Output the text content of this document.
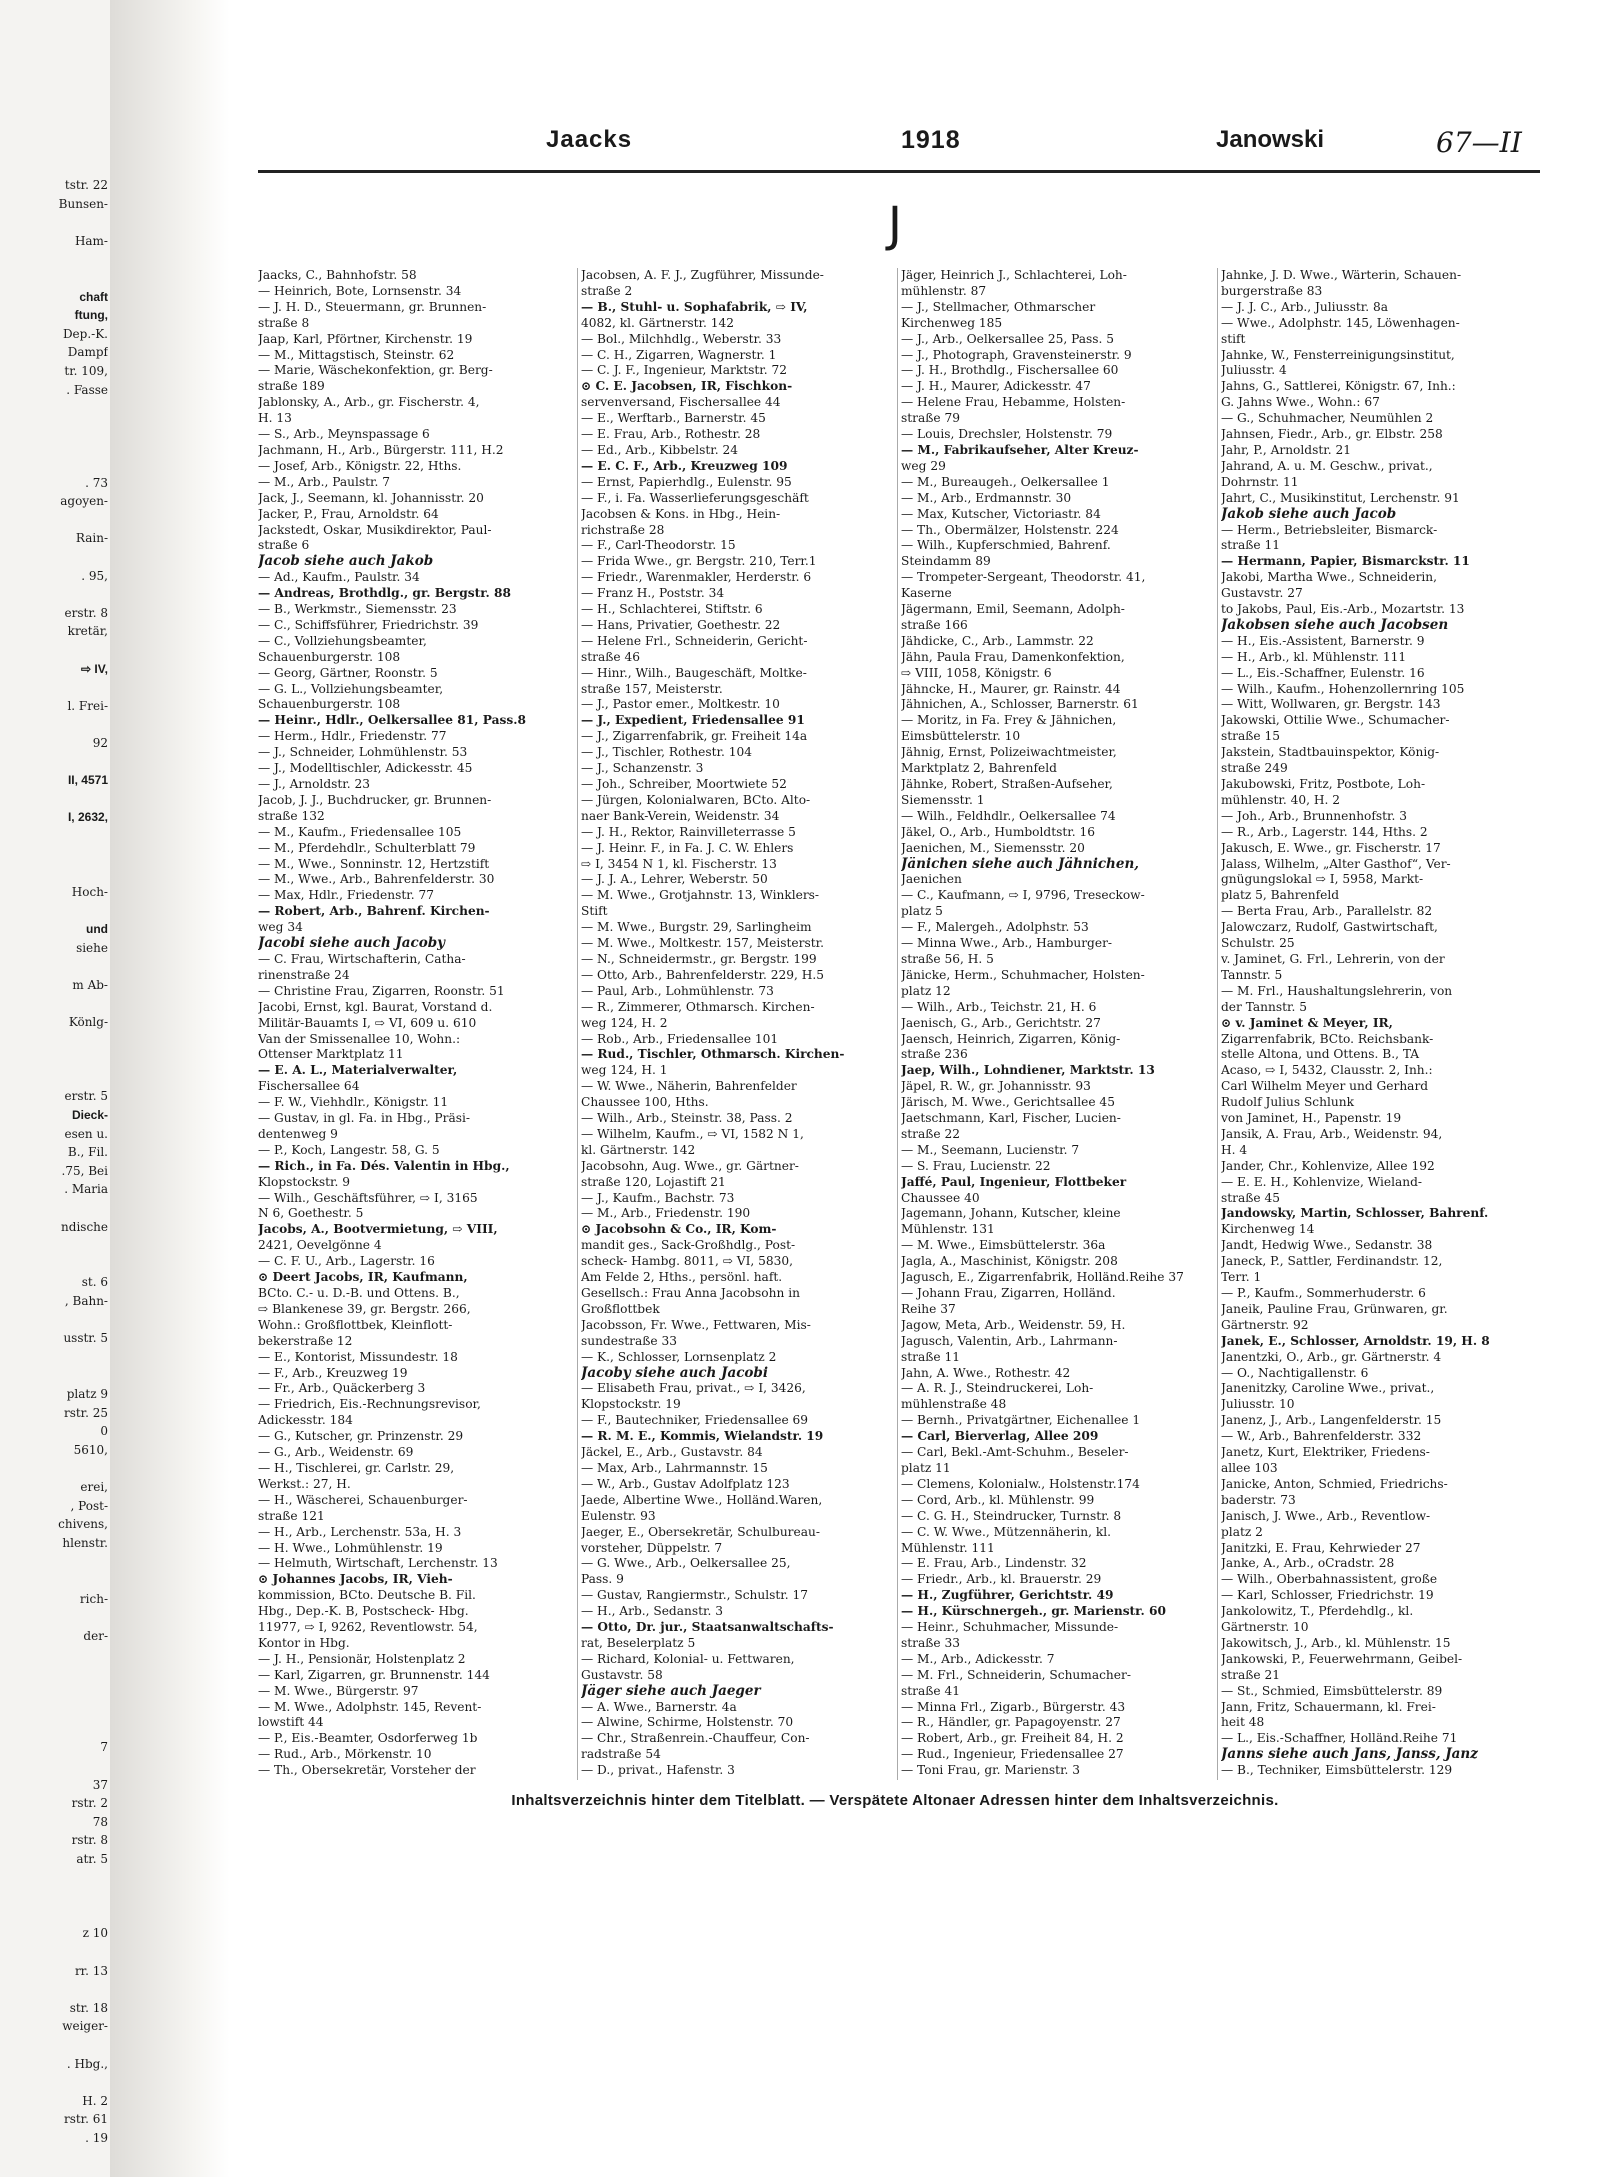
tstr. 22
Bunsen-
Ham-
chaft
ftung,
Dep.-K.
Dampf
tr. 109,
. Fasse
. 73
agoyen-
Rain-
. 95,
erstr. 8
kretär,
⇨ IV,
l. Frei-
92
II, 4571
I, 2632,
Hoch-
und
siehe
m Ab-
Könlg-
erstr. 5
Dieck-
esen u.
B., Fil.
.75, Bei
. Maria
ndische
st. 6
, Bahn-
usstr. 5
platz 9
rstr. 25
0
5610,
erei,
, Post-
chivens,
hlenstr.
rich-
der-
7
37
rstr. 2
78
rstr. 8
atr. 5
z 10
rr. 13
str. 18
weiger-
. Hbg.,
H. 2
rstr. 61
. 19
Jaacks	1918	Janowski	67—II
J
Jaacks, C., Bahnhofstr. 58
— Heinrich, Bote, Lornsenstr. 34
— J. H. D., Steuermann, gr. Brunnen-
straße 8
Jaap, Karl, Pförtner, Kirchenstr. 19
— M., Mittagstisch, Steinstr. 62
— Marie, Wäschekonfektion, gr. Berg-
straße 189
Jablonsky, A., Arb., gr. Fischerstr. 4,
H. 13
— S., Arb., Meynspassage 6
Jachmann, H., Arb., Bürgerstr. 111, H.2
— Josef, Arb., Königstr. 22, Hths.
— M., Arb., Paulstr. 7
Jack, J., Seemann, kl. Johannisstr. 20
Jacker, P., Frau, Arnoldstr. 64
Jackstedt, Oskar, Musikdirektor, Paul-
straße 6
Jacob siehe auch Jakob
— Ad., Kaufm., Paulstr. 34
— Andreas, Brothdlg., gr. Bergstr. 88
— B., Werkmstr., Siemensstr. 23
— C., Schiffsführer, Friedrichstr. 39
— C., Vollziehungsbeamter,
Schauenburgerstr. 108
— Georg, Gärtner, Roonstr. 5
— G. L., Vollziehungsbeamter,
Schauenburgerstr. 108
— Heinr., Hdlr., Oelkersallee 81, Pass.8
— Herm., Hdlr., Friedenstr. 77
— J., Schneider, Lohmühlenstr. 53
— J., Modelltischler, Adickesstr. 45
— J., Arnoldstr. 23
Jacob, J. J., Buchdrucker, gr. Brunnen-
straße 132
— M., Kaufm., Friedensallee 105
— M., Pferdehdlr., Schulterblatt 79
— M., Wwe., Sonninstr. 12, Hertzstift
— M., Wwe., Arb., Bahrenfelderstr. 30
— Max, Hdlr., Friedenstr. 77
— Robert, Arb., Bahrenf. Kirchen-
weg 34
Jacobi siehe auch Jacoby
— C. Frau, Wirtschafterin, Catha-
rinenstraße 24
— Christine Frau, Zigarren, Roonstr. 51
Jacobi, Ernst, kgl. Baurat, Vorstand d.
Militär-Bauamts I, ⇨ VI, 609 u. 610
Van der Smissenallee 10, Wohn.:
Ottenser Marktplatz 11
— E. A. L., Materialverwalter,
Fischersallee 64
— F. W., Viehhdlr., Königstr. 11
— Gustav, in gl. Fa. in Hbg., Präsi-
dentenweg 9
— P., Koch, Langestr. 58, G. 5
— Rich., in Fa. Dés. Valentin in Hbg.,
Klopstockstr. 9
— Wilh., Geschäftsführer, ⇨ I, 3165
N 6, Goethestr. 5
Jacobs, A., Bootvermietung, ⇨ VIII,
2421, Oevelgönne 4
— C. F. U., Arb., Lagerstr. 16
⊙ Deert Jacobs, IR, Kaufmann,
BCto. C.- u. D.-B. und Ottens. B.,
⇨ Blankenese 39, gr. Bergstr. 266,
Wohn.: Großflottbek, Kleinflott-
bekerstraße 12
— E., Kontorist, Missundestr. 18
— F., Arb., Kreuzweg 19
— Fr., Arb., Quäckerberg 3
— Friedrich, Eis.-Rechnungsrevisor,
Adickesstr. 184
— G., Kutscher, gr. Prinzenstr. 29
— G., Arb., Weidenstr. 69
— H., Tischlerei, gr. Carlstr. 29,
Werkst.: 27, H.
— H., Wäscherei, Schauenburger-
straße 121
— H., Arb., Lerchenstr. 53a, H. 3
— H. Wwe., Lohmühlenstr. 19
— Helmuth, Wirtschaft, Lerchenstr. 13
⊙ Johannes Jacobs, IR, Vieh-
kommission, BCto. Deutsche B. Fil.
Hbg., Dep.-K. B, Postscheck- Hbg.
11977, ⇨ I, 9262, Reventlowstr. 54,
Kontor in Hbg.
— J. H., Pensionär, Holstenplatz 2
— Karl, Zigarren, gr. Brunnenstr. 144
— M. Wwe., Bürgerstr. 97
— M. Wwe., Adolphstr. 145, Revent-
lowstift 44
— P., Eis.-Beamter, Osdorferweg 1b
— Rud., Arb., Mörkenstr. 10
— Th., Obersekretär, Vorsteher der
Jacobsen, A. F. J., Zugführer, Missunde-
straße 2
— B., Stuhl- u. Sophafabrik, ⇨ IV,
4082, kl. Gärtnerstr. 142
— Bol., Milchhdlg., Weberstr. 33
— C. H., Zigarren, Wagnerstr. 1
— C. J. F., Ingenieur, Marktstr. 72
⊙ C. E. Jacobsen, IR, Fischkon-
servenversand, Fischersallee 44
— E., Werftarb., Barnerstr. 45
— E. Frau, Arb., Rothestr. 28
— Ed., Arb., Kibbelstr. 24
— E. C. F., Arb., Kreuzweg 109
— Ernst, Papierhdlg., Eulenstr. 95
— F., i. Fa. Wasserlieferungsgeschäft
Jacobsen & Kons. in Hbg., Hein-
richstraße 28
— F., Carl-Theodorstr. 15
— Frida Wwe., gr. Bergstr. 210, Terr.1
— Friedr., Warenmakler, Herderstr. 6
— Franz H., Poststr. 34
— H., Schlachterei, Stiftstr. 6
— Hans, Privatier, Goethestr. 22
— Helene Frl., Schneiderin, Gericht-
straße 46
— Hinr., Wilh., Baugeschäft, Moltke-
straße 157, Meisterstr.
— J., Pastor emer., Moltkestr. 10
— J., Expedient, Friedensallee 91
— J., Zigarrenfabrik, gr. Freiheit 14a
— J., Tischler, Rothestr. 104
— J., Schanzenstr. 3
— Joh., Schreiber, Moortwiete 52
— Jürgen, Kolonialwaren, BCto. Alto-
naer Bank-Verein, Weidenstr. 34
— J. H., Rektor, Rainvilleterrasse 5
— J. Heinr. F., in Fa. J. C. W. Ehlers
⇨ I, 3454 N 1, kl. Fischerstr. 13
— J. J. A., Lehrer, Weberstr. 50
— M. Wwe., Grotjahnstr. 13, Winklers-
Stift
— M. Wwe., Burgstr. 29, Sarlingheim
— M. Wwe., Moltkestr. 157, Meisterstr.
— N., Schneidermstr., gr. Bergstr. 199
— Otto, Arb., Bahrenfelderstr. 229, H.5
— Paul, Arb., Lohmühlenstr. 73
— R., Zimmerer, Othmarsch. Kirchen-
weg 124, H. 2
— Rob., Arb., Friedensallee 101
— Rud., Tischler, Othmarsch. Kirchen-
weg 124, H. 1
— W. Wwe., Näherin, Bahrenfelder
Chaussee 100, Hths.
— Wilh., Arb., Steinstr. 38, Pass. 2
— Wilhelm, Kaufm., ⇨ VI, 1582 N 1,
kl. Gärtnerstr. 142
Jacobsohn, Aug. Wwe., gr. Gärtner-
straße 120, Lojastift 21
— J., Kaufm., Bachstr. 73
— M., Arb., Friedenstr. 190
⊙ Jacobsohn & Co., IR, Kom-
mandit ges., Sack-Großhdlg., Post-
scheck- Hambg. 8011, ⇨ VI, 5830,
Am Felde 2, Hths., persönl. haft.
Gesellsch.: Frau Anna Jacobsohn in
Großflottbek
Jacobsson, Fr. Wwe., Fettwaren, Mis-
sundestraße 33
— K., Schlosser, Lornsenplatz 2
Jacoby siehe auch Jacobi
— Elisabeth Frau, privat., ⇨ I, 3426,
Klopstockstr. 19
— F., Bautechniker, Friedensallee 69
— R. M. E., Kommis, Wielandstr. 19
Jäckel, E., Arb., Gustavstr. 84
— Max, Arb., Lahrmannstr. 15
— W., Arb., Gustav Adolfplatz 123
Jaede, Albertine Wwe., Holländ.Waren,
Eulenstr. 93
Jaeger, E., Obersekretär, Schulbureau-
vorsteher, Düppelstr. 7
— G. Wwe., Arb., Oelkersallee 25,
Pass. 9
— Gustav, Rangiermstr., Schulstr. 17
— H., Arb., Sedanstr. 3
— Otto, Dr. jur., Staatsanwaltschafts-
rat, Beselerplatz 5
— Richard, Kolonial- u. Fettwaren,
Gustavstr. 58
Jäger siehe auch Jaeger
— A. Wwe., Barnerstr. 4a
— Alwine, Schirme, Holstenstr. 70
— Chr., Straßenrein.-Chauffeur, Con-
radstraße 54
— D., privat., Hafenstr. 3
Jäger, Heinrich J., Schlachterei, Loh-
mühlenstr. 87
— J., Stellmacher, Othmarscher
Kirchenweg 185
— J., Arb., Oelkersallee 25, Pass. 5
— J., Photograph, Gravensteinerstr. 9
— J. H., Brothdlg., Fischersallee 60
— J. H., Maurer, Adickesstr. 47
— Helene Frau, Hebamme, Holsten-
straße 79
— Louis, Drechsler, Holstenstr. 79
— M., Fabrikaufseher, Alter Kreuz-
weg 29
— M., Bureaugeh., Oelkersallee 1
— M., Arb., Erdmannstr. 30
— Max, Kutscher, Victoriastr. 84
— Th., Obermälzer, Holstenstr. 224
— Wilh., Kupferschmied, Bahrenf.
Steindamm 89
— Trompeter-Sergeant, Theodorstr. 41,
Kaserne
Jägermann, Emil, Seemann, Adolph-
straße 166
Jähdicke, C., Arb., Lammstr. 22
Jähn, Paula Frau, Damenkonfektion,
⇨ VIII, 1058, Königstr. 6
Jähncke, H., Maurer, gr. Rainstr. 44
Jähnichen, A., Schlosser, Barnerstr. 61
— Moritz, in Fa. Frey & Jähnichen,
Eimsbüttelerstr. 10
Jähnig, Ernst, Polizeiwachtmeister,
Marktplatz 2, Bahrenfeld
Jähnke, Robert, Straßen-Aufseher,
Siemensstr. 1
— Wilh., Feldhdlr., Oelkersallee 74
Jäkel, O., Arb., Humboldtstr. 16
Jaenichen, M., Siemensstr. 20
Jänichen siehe auch Jähnichen,
Jaenichen
— C., Kaufmann, ⇨ I, 9796, Treseckow-
platz 5
— F., Malergeh., Adolphstr. 53
— Minna Wwe., Arb., Hamburger-
straße 56, H. 5
Jänicke, Herm., Schuhmacher, Holsten-
platz 12
— Wilh., Arb., Teichstr. 21, H. 6
Jaenisch, G., Arb., Gerichtstr. 27
Jaensch, Heinrich, Zigarren, König-
straße 236
Jaep, Wilh., Lohndiener, Marktstr. 13
Jäpel, R. W., gr. Johannisstr. 93
Järisch, M. Wwe., Gerichtsallee 45
Jaetschmann, Karl, Fischer, Lucien-
straße 22
— M., Seemann, Lucienstr. 7
— S. Frau, Lucienstr. 22
Jaffé, Paul, Ingenieur, Flottbeker
Chaussee 40
Jagemann, Johann, Kutscher, kleine
Mühlenstr. 131
— M. Wwe., Eimsbüttelerstr. 36a
Jagla, A., Maschinist, Königstr. 208
Jagusch, E., Zigarrenfabrik, Holländ.Reihe 37
— Johann Frau, Zigarren, Holländ.
Reihe 37
Jagow, Meta, Arb., Weidenstr. 59, H.
Jagusch, Valentin, Arb., Lahrmann-
straße 11
Jahn, A. Wwe., Rothestr. 42
— A. R. J., Steindruckerei, Loh-
mühlenstraße 48
— Bernh., Privatgärtner, Eichenallee 1
— Carl, Bierverlag, Allee 209
— Carl, Bekl.-Amt-Schuhm., Beseler-
platz 11
— Clemens, Kolonialw., Holstenstr.174
— Cord, Arb., kl. Mühlenstr. 99
— C. G. H., Steindrucker, Turnstr. 8
— C. W. Wwe., Mützennäherin, kl.
Mühlenstr. 111
— E. Frau, Arb., Lindenstr. 32
— Friedr., Arb., kl. Brauerstr. 29
— H., Zugführer, Gerichtstr. 49
— H., Kürschnergeh., gr. Marienstr. 60
— Heinr., Schuhmacher, Missunde-
straße 33
— M., Arb., Adickesstr. 7
— M. Frl., Schneiderin, Schumacher-
straße 41
— Minna Frl., Zigarb., Bürgerstr. 43
— R., Händler, gr. Papagoyenstr. 27
— Robert, Arb., gr. Freiheit 84, H. 2
— Rud., Ingenieur, Friedensallee 27
— Toni Frau, gr. Marienstr. 3
Jahnke, J. D. Wwe., Wärterin, Schauen-
burgerstraße 83
— J. J. C., Arb., Juliusstr. 8a
— Wwe., Adolphstr. 145, Löwenhagen-
stift
Jahnke, W., Fensterreinigungsinstitut,
Juliusstr. 4
Jahns, G., Sattlerei, Königstr. 67, Inh.:
G. Jahns Wwe., Wohn.: 67
— G., Schuhmacher, Neumühlen 2
Jahnsen, Fiedr., Arb., gr. Elbstr. 258
Jahr, P., Arnoldstr. 21
Jahrand, A. u. M. Geschw., privat.,
Dohrnstr. 11
Jahrt, C., Musikinstitut, Lerchenstr. 91
Jakob siehe auch Jacob
— Herm., Betriebsleiter, Bismarck-
straße 11
— Hermann, Papier, Bismarckstr. 11
Jakobi, Martha Wwe., Schneiderin,
Gustavstr. 27
to Jakobs, Paul, Eis.-Arb., Mozartstr. 13
Jakobsen siehe auch Jacobsen
— H., Eis.-Assistent, Barnerstr. 9
— H., Arb., kl. Mühlenstr. 111
— L., Eis.-Schaffner, Eulenstr. 16
— Wilh., Kaufm., Hohenzollernring 105
— Witt, Wollwaren, gr. Bergstr. 143
Jakowski, Ottilie Wwe., Schumacher-
straße 15
Jakstein, Stadtbauinspektor, König-
straße 249
Jakubowski, Fritz, Postbote, Loh-
mühlenstr. 40, H. 2
— Joh., Arb., Brunnenhofstr. 3
— R., Arb., Lagerstr. 144, Hths. 2
Jakusch, E. Wwe., gr. Fischerstr. 17
Jalass, Wilhelm, „Alter Gasthof“, Ver-
gnügungslokal ⇨ I, 5958, Markt-
platz 5, Bahrenfeld
— Berta Frau, Arb., Parallelstr. 82
Jalowczarz, Rudolf, Gastwirtschaft,
Schulstr. 25
v. Jaminet, G. Frl., Lehrerin, von der
Tannstr. 5
— M. Frl., Haushaltungslehrerin, von
der Tannstr. 5
⊙ v. Jaminet & Meyer, IR,
Zigarrenfabrik, BCto. Reichsbank-
stelle Altona, und Ottens. B., TA
Acaso, ⇨ I, 5432, Clausstr. 2, Inh.:
Carl Wilhelm Meyer und Gerhard
Rudolf Julius Schlunk
von Jaminet, H., Papenstr. 19
Jansik, A. Frau, Arb., Weidenstr. 94,
H. 4
Jander, Chr., Kohlenvize, Allee 192
— E. E. H., Kohlenvize, Wieland-
straße 45
Jandowsky, Martin, Schlosser, Bahrenf.
Kirchenweg 14
Jandt, Hedwig Wwe., Sedanstr. 38
Janeck, P., Sattler, Ferdinandstr. 12,
Terr. 1
— P., Kaufm., Sommerhuderstr. 6
Janeik, Pauline Frau, Grünwaren, gr.
Gärtnerstr. 92
Janek, E., Schlosser, Arnoldstr. 19, H. 8
Janentzki, O., Arb., gr. Gärtnerstr. 4
— O., Nachtigallenstr. 6
Janenitzky, Caroline Wwe., privat.,
Juliusstr. 10
Janenz, J., Arb., Langenfelderstr. 15
— W., Arb., Bahrenfelderstr. 332
Janetz, Kurt, Elektriker, Friedens-
allee 103
Janicke, Anton, Schmied, Friedrichs-
baderstr. 73
Janisch, J. Wwe., Arb., Reventlow-
platz 2
Janitzki, E. Frau, Kehrwieder 27
Janke, A., Arb., oCradstr. 28
— Wilh., Oberbahnassistent, große
— Karl, Schlosser, Friedrichstr. 19
Jankolowitz, T., Pferdehdlg., kl.
Gärtnerstr. 10
Jakowitsch, J., Arb., kl. Mühlenstr. 15
Jankowski, P., Feuerwehrmann, Geibel-
straße 21
— St., Schmied, Eimsbüttelerstr. 89
Jann, Fritz, Schauermann, kl. Frei-
heit 48
— L., Eis.-Schaffner, Holländ.Reihe 71
Janns siehe auch Jans, Janss, Janz
— B., Techniker, Eimsbüttelerstr. 129
Inhaltsverzeichnis hinter dem Titelblatt. — Verspätete Altonaer Adressen hinter dem Inhaltsverzeichnis.
